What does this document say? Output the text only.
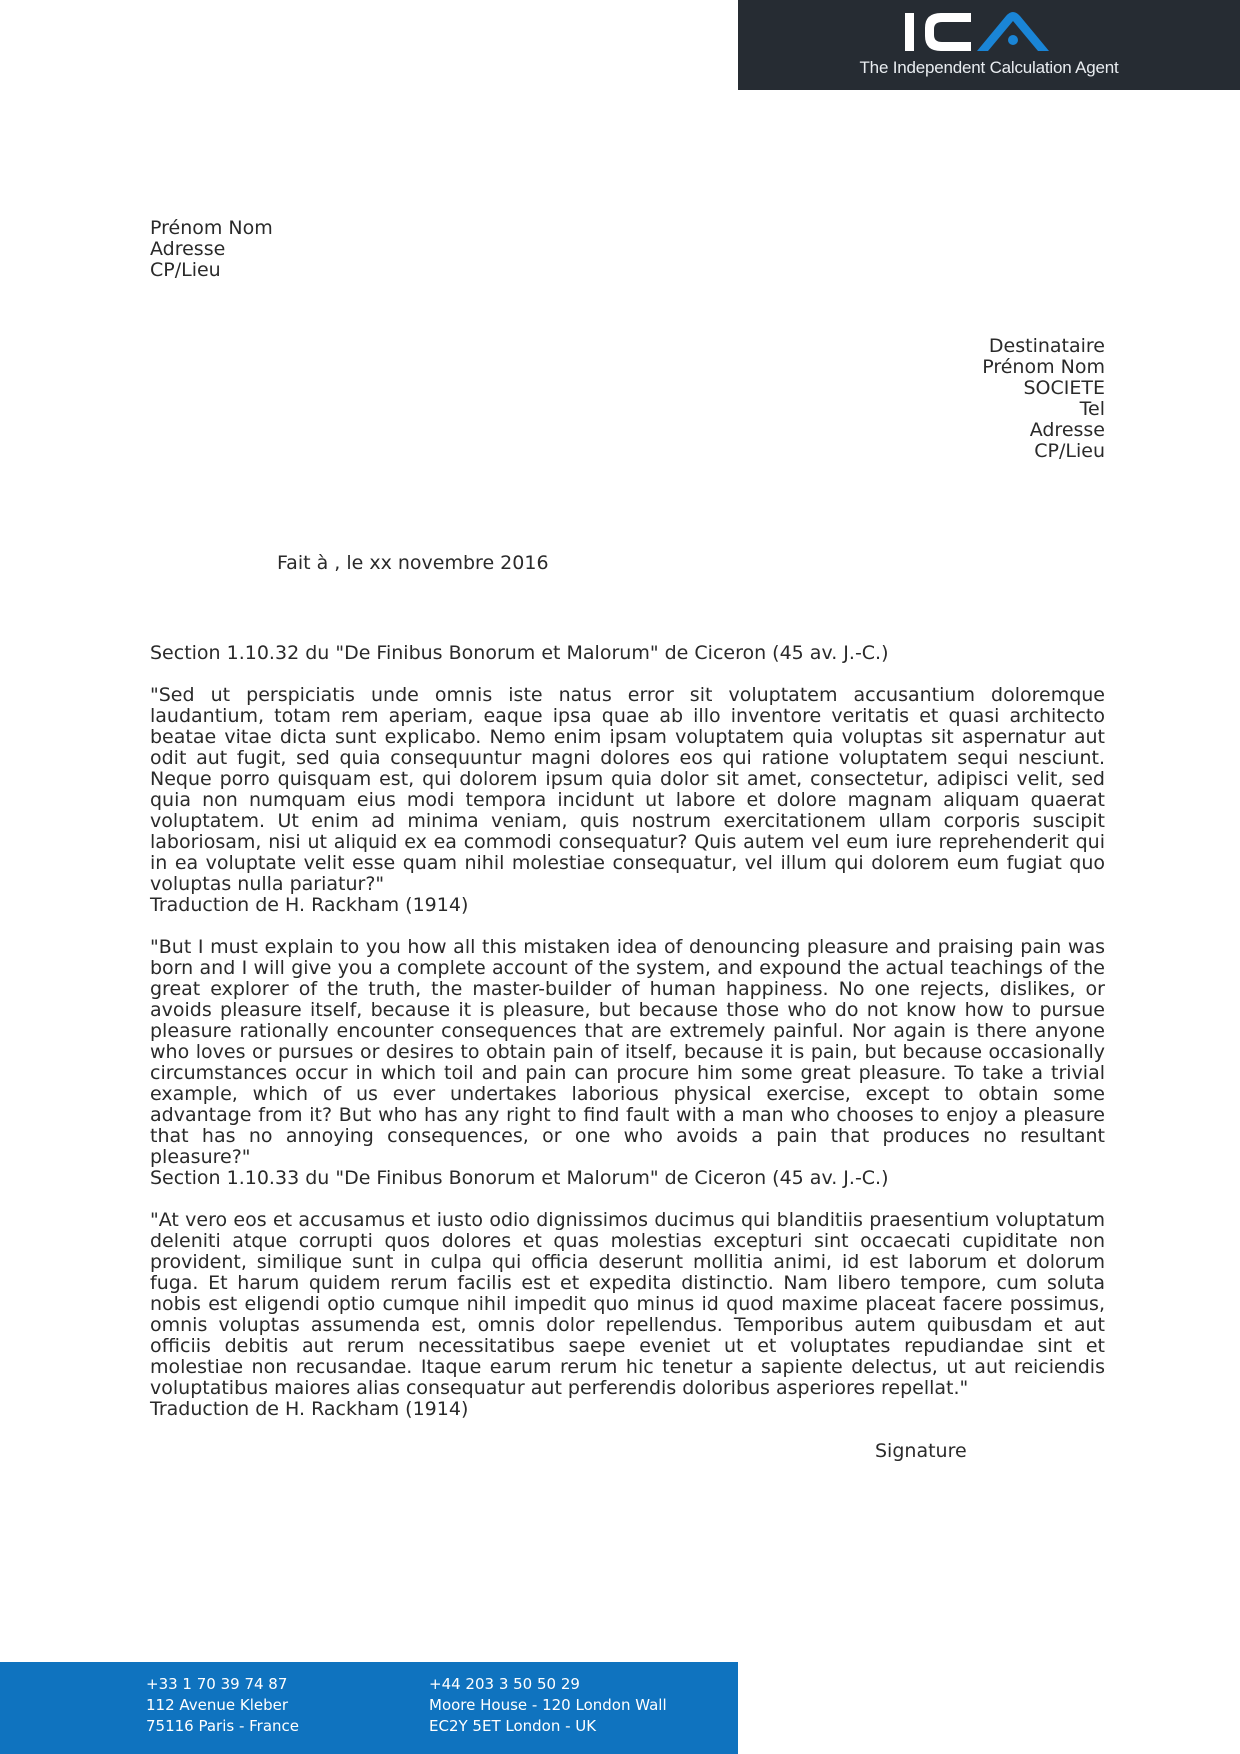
The Independent Calculation Agent
Prénom Nom
Adresse
CP/Lieu
Destinataire
Prénom Nom
SOCIETE
Tel
Adresse
CP/Lieu
Fait à , le xx novembre 2016
Section 1.10.32 du "De Finibus Bonorum et Malorum" de Ciceron (45 av. J.-C.)
"Sed ut perspiciatis unde omnis iste natus error sit voluptatem accusantium doloremque laudantium, totam rem aperiam, eaque ipsa quae ab illo inventore veritatis et quasi architecto beatae vitae dicta sunt explicabo. Nemo enim ipsam voluptatem quia voluptas sit aspernatur aut odit aut fugit, sed quia consequuntur magni dolores eos qui ratione voluptatem sequi nesciunt. Neque porro quisquam est, qui dolorem ipsum quia dolor sit amet, consectetur, adipisci velit, sed quia non numquam eius modi tempora incidunt ut labore et dolore magnam aliquam quaerat voluptatem. Ut enim ad minima veniam, quis nostrum exercitationem ullam corporis suscipit laboriosam, nisi ut aliquid ex ea commodi consequatur? Quis autem vel eum iure reprehenderit qui in ea voluptate velit esse quam nihil molestiae consequatur, vel illum qui dolorem eum fugiat quo voluptas nulla pariatur?"
Traduction de H. Rackham (1914)
"But I must explain to you how all this mistaken idea of denouncing pleasure and praising pain was born and I will give you a complete account of the system, and expound the actual teachings of the great explorer of the truth, the master-builder of human happiness. No one rejects, dislikes, or avoids pleasure itself, because it is pleasure, but because those who do not know how to pursue pleasure rationally encounter consequences that are extremely painful. Nor again is there anyone who loves or pursues or desires to obtain pain of itself, because it is pain, but because occasionally circumstances occur in which toil and pain can procure him some great pleasure. To take a trivial example, which of us ever undertakes laborious physical exercise, except to obtain some advantage from it? But who has any right to find fault with a man who chooses to enjoy a pleasure that has no annoying consequences, or one who avoids a pain that produces no resultant pleasure?"
Section 1.10.33 du "De Finibus Bonorum et Malorum" de Ciceron (45 av. J.-C.)
"At vero eos et accusamus et iusto odio dignissimos ducimus qui blanditiis praesentium voluptatum deleniti atque corrupti quos dolores et quas molestias excepturi sint occaecati cupiditate non provident, similique sunt in culpa qui officia deserunt mollitia animi, id est laborum et dolorum fuga. Et harum quidem rerum facilis est et expedita distinctio. Nam libero tempore, cum soluta nobis est eligendi optio cumque nihil impedit quo minus id quod maxime placeat facere possimus, omnis voluptas assumenda est, omnis dolor repellendus. Temporibus autem quibusdam et aut officiis debitis aut rerum necessitatibus saepe eveniet ut et voluptates repudiandae sint et molestiae non recusandae. Itaque earum rerum hic tenetur a sapiente delectus, ut aut reiciendis voluptatibus maiores alias consequatur aut perferendis doloribus asperiores repellat."
Traduction de H. Rackham (1914)
Signature
+33 1 70 39 74 87
112 Avenue Kleber
75116 Paris - France
+44 203 3 50 50 29
Moore House - 120 London Wall
EC2Y 5ET London - UK
